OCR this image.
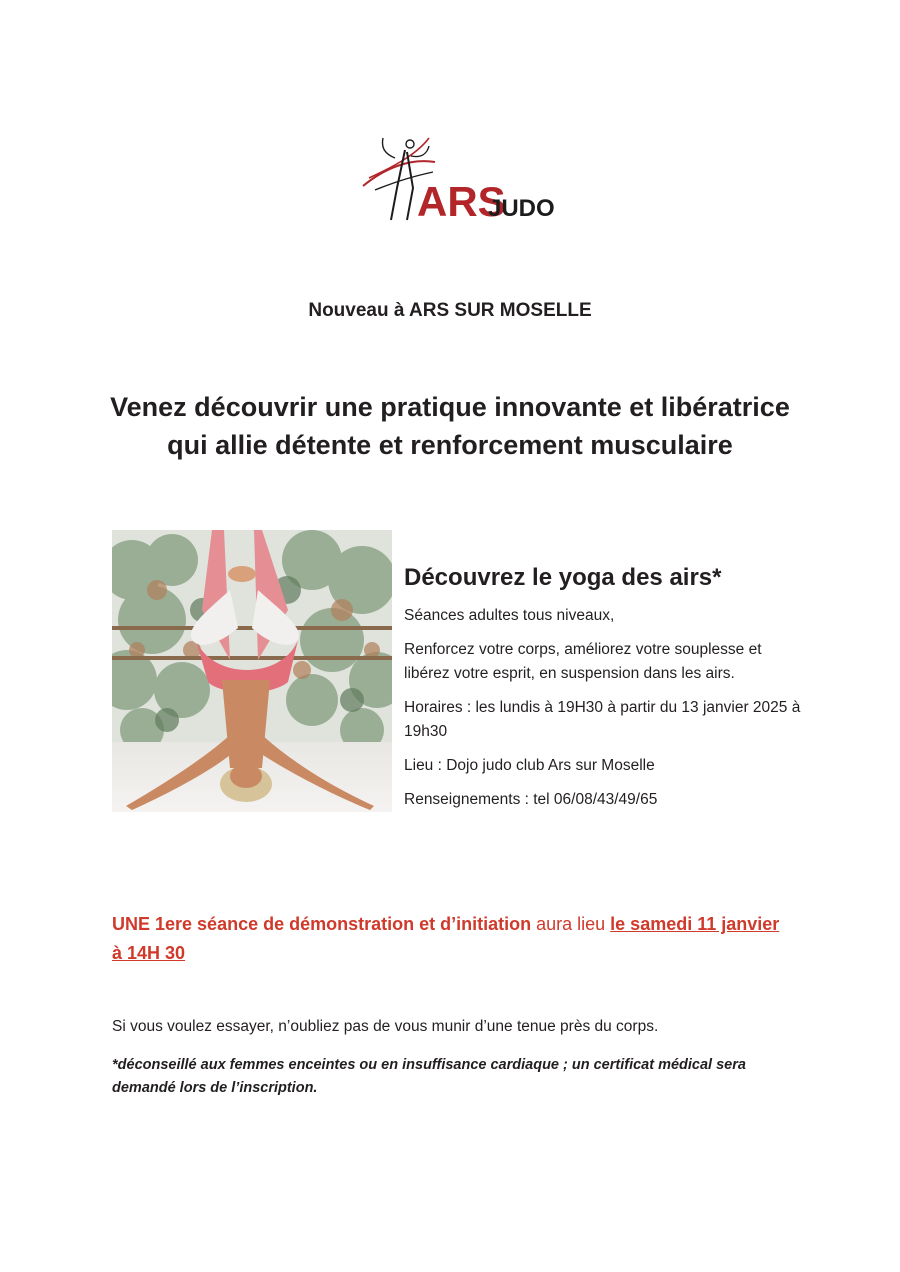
ARS
JUDO
Nouveau à ARS SUR MOSELLE
Venez découvrir une pratique innovante et libératrice
qui allie détente et renforcement musculaire
Découvrez le yoga des airs*

Séances adultes tous niveaux,

Renforcez votre corps, améliorez votre souplesse et libérez votre esprit, en suspension dans les airs.

Horaires : les lundis à 19H30 à partir du 13 janvier 2025 à 19h30

Lieu : Dojo judo club Ars sur Moselle

Renseignements : tel 06/08/43/49/65

UNE 1ere séance de démonstration et d’initiation aura lieu le samedi 11 janvier à 14H 30
Si vous voulez essayer, n’oubliez pas de vous munir d’une tenue près du corps.
*déconseillé aux femmes enceintes ou en insuffisance cardiaque ; un certificat médical sera demandé lors de l’inscription.
